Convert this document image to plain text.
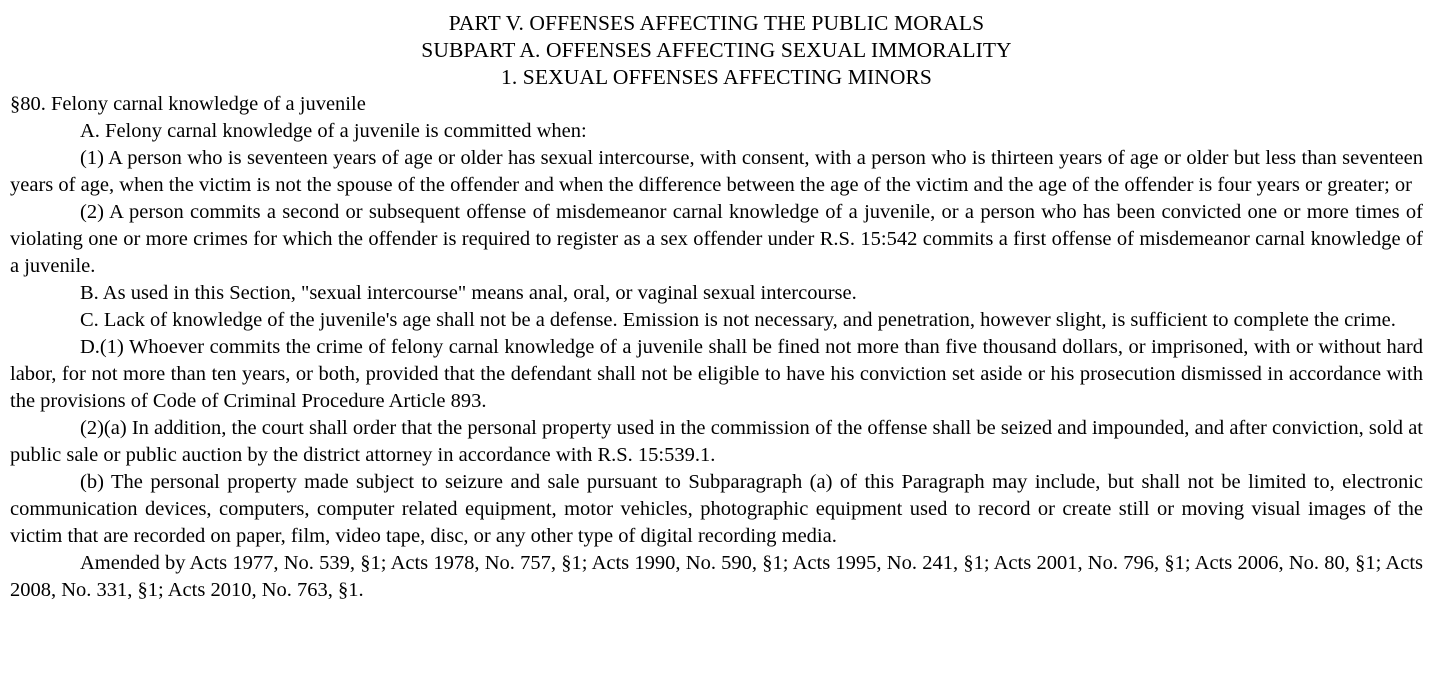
PART V. OFFENSES AFFECTING THE PUBLIC MORALS

SUBPART A. OFFENSES AFFECTING SEXUAL IMMORALITY

1. SEXUAL OFFENSES AFFECTING MINORS

§80. Felony carnal knowledge of a juvenile

A. Felony carnal knowledge of a juvenile is committed when:

(1) A person who is seventeen years of age or older has sexual intercourse, with consent, with a person who is thirteen years of age or older but less than seventeen years of age, when the victim is not the spouse of the offender and when the difference between the age of the victim and the age of the offender is four years or greater; or

(2) A person commits a second or subsequent offense of misdemeanor carnal knowledge of a juvenile, or a person who has been convicted one or more times of violating one or more crimes for which the offender is required to register as a sex offender under R.S. 15:542 commits a first offense of misdemeanor carnal knowledge of a juvenile.

B. As used in this Section, "sexual intercourse" means anal, oral, or vaginal sexual intercourse.

C. Lack of knowledge of the juvenile's age shall not be a defense. Emission is not necessary, and penetration, however slight, is sufficient to complete the crime.

D.(1) Whoever commits the crime of felony carnal knowledge of a juvenile shall be fined not more than five thousand dollars, or imprisoned, with or without hard labor, for not more than ten years, or both, provided that the defendant shall not be eligible to have his conviction set aside or his prosecution dismissed in accordance with the provisions of Code of Criminal Procedure Article 893.

(2)(a) In addition, the court shall order that the personal property used in the commission of the offense shall be seized and impounded, and after conviction, sold at public sale or public auction by the district attorney in accordance with R.S. 15:539.1.

(b) The personal property made subject to seizure and sale pursuant to Subparagraph (a) of this Paragraph may include, but shall not be limited to, electronic communication devices, computers, computer related equipment, motor vehicles, photographic equipment used to record or create still or moving visual images of the victim that are recorded on paper, film, video tape, disc, or any other type of digital recording media.

Amended by Acts 1977, No. 539, §1; Acts 1978, No. 757, §1; Acts 1990, No. 590, §1; Acts 1995, No. 241, §1; Acts 2001, No. 796, §1; Acts 2006, No. 80, §1; Acts 2008, No. 331, §1; Acts 2010, No. 763, §1.
